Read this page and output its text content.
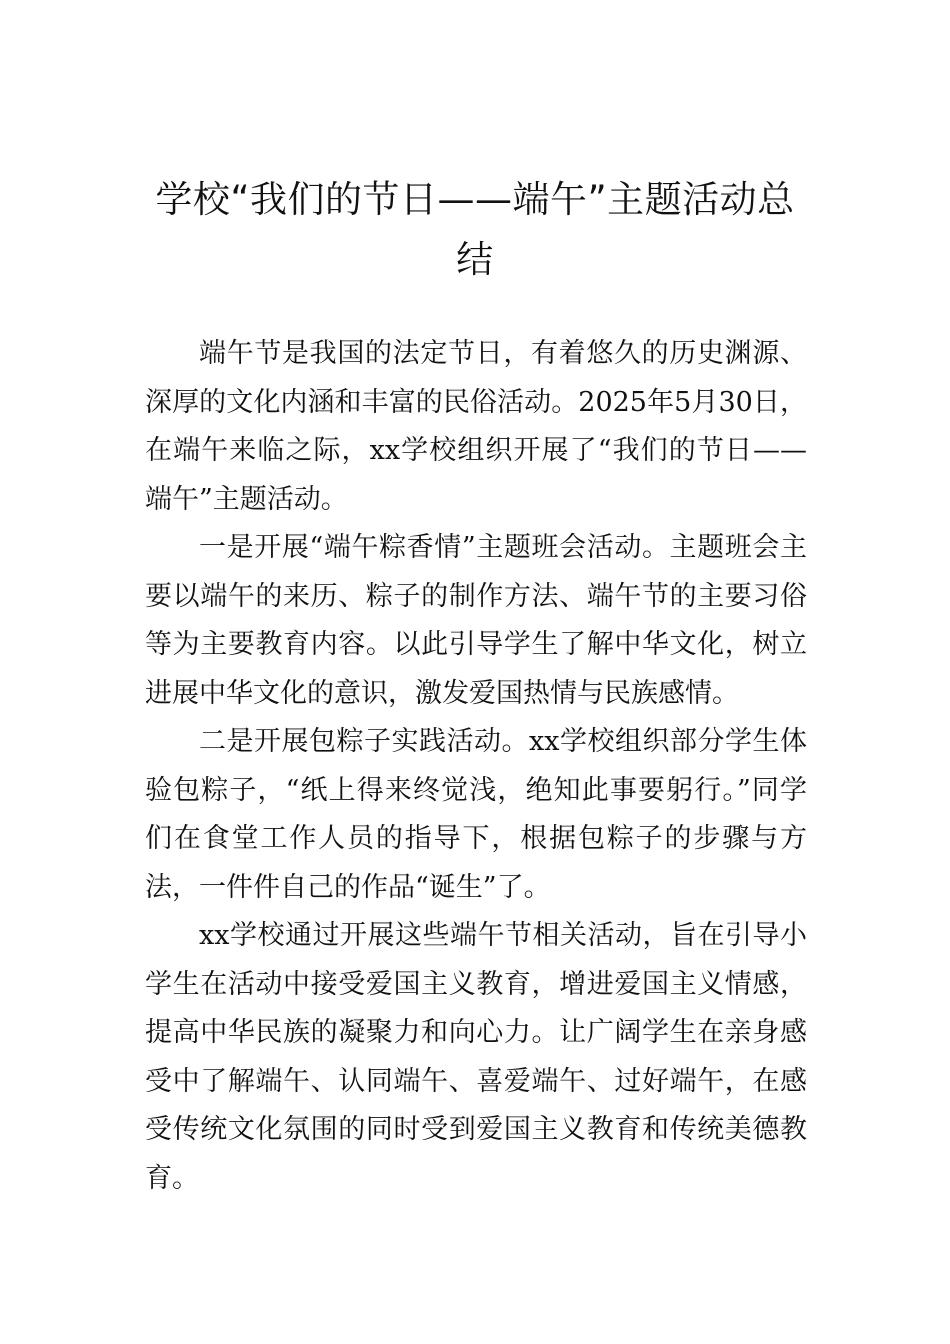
学校“我们的节日——端午”主题活动总结

端午节是我国的法定节日，有着悠久的历史渊源、深厚的文化内涵和丰富的民俗活动。2025年5月30日，在端午来临之际，xx学校组织开展了“我们的节日——端午”主题活动。

一是开展“端午粽香情”主题班会活动。主题班会主要以端午的来历、粽子的制作方法、端午节的主要习俗等为主要教育内容。以此引导学生了解中华文化，树立进展中华文化的意识，激发爱国热情与民族感情。

二是开展包粽子实践活动。xx学校组织部分学生体验包粽子，“纸上得来终觉浅，绝知此事要躬行。”同学们在食堂工作人员的指导下，根据包粽子的步骤与方法，一件件自己的作品“诞生”了。

xx学校通过开展这些端午节相关活动，旨在引导小学生在活动中接受爱国主义教育，增进爱国主义情感，提高中华民族的凝聚力和向心力。让广阔学生在亲身感受中了解端午、认同端午、喜爱端午、过好端午，在感受传统文化氛围的同时受到爱国主义教育和传统美德教育。
